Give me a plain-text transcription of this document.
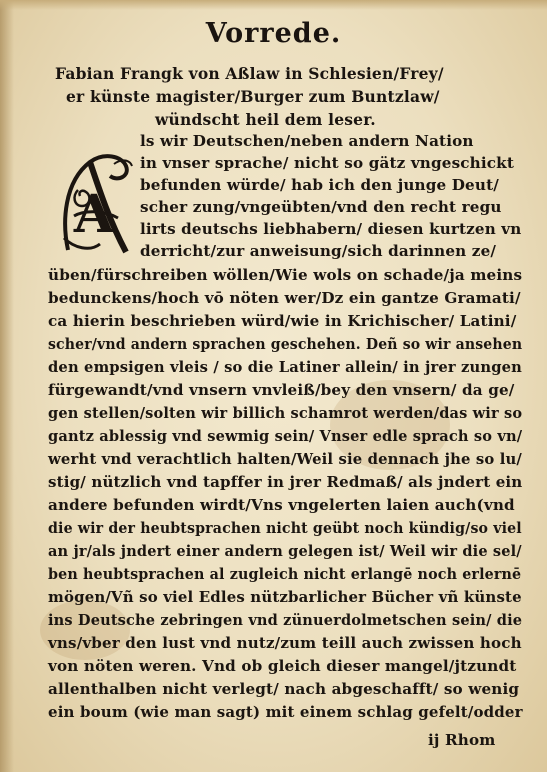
Vorrede.
Fabian Frangk von Aßlaw in Schlesien/Frey/
er künste magister/Burger zum Buntzlaw/
wündscht heil dem leser.
A
ls wir Deutschen/neben andern Nation
in vnser sprache/ nicht so gätz vngeschickt
befunden würde/ hab ich den junge Deut/
scher zung/vngeübten/vnd den recht regu
lirts deutschs liebhabern/ diesen kurtzen vn
derricht/zur anweisung/sich darinnen ze/
üben/fürschreiben wöllen/Wie wols on schade/ja meins
bedunckens/hoch vō nöten wer/Dz ein gantze Gramati/
ca hierin beschrieben würd/wie in Krichischer/ Latini/
scher/vnd andern sprachen geschehen. Deñ so wir ansehen
den empsigen vleis / so die Latiner allein/ in jrer zungen
fürgewandt/vnd vnsern vnvleiß/bey den vnsern/ da ge/
gen stellen/solten wir billich schamrot werden/das wir so
gantz ablessig vnd sewmig sein/ Vnser edle sprach so vn/
werht vnd verachtlich halten/Weil sie dennach jhe so lu/
stig/ nützlich vnd tapffer in jrer Redmaß/ als jndert ein
andere befunden wirdt/Vns vngelerten laien auch(vnd
die wir der heubtsprachen nicht geübt noch kündig/so viel
an jr/als jndert einer andern gelegen ist/ Weil wir die sel/
ben heubtsprachen al zugleich nicht erlangē noch erlernē
mögen/Vñ so viel Edles nützbarlicher Bücher vñ künste
ins Deutsche zebringen vnd zünuerdolmetschen sein/ die
vns/vber den lust vnd nutz/zum teill auch zwissen hoch
von nöten weren. Vnd ob gleich dieser mangel/jtzundt
allenthalben nicht verlegt/ nach abgeschafft/ so wenig
ein boum (wie man sagt) mit einem schlag gefelt/odder
ij Rhom
